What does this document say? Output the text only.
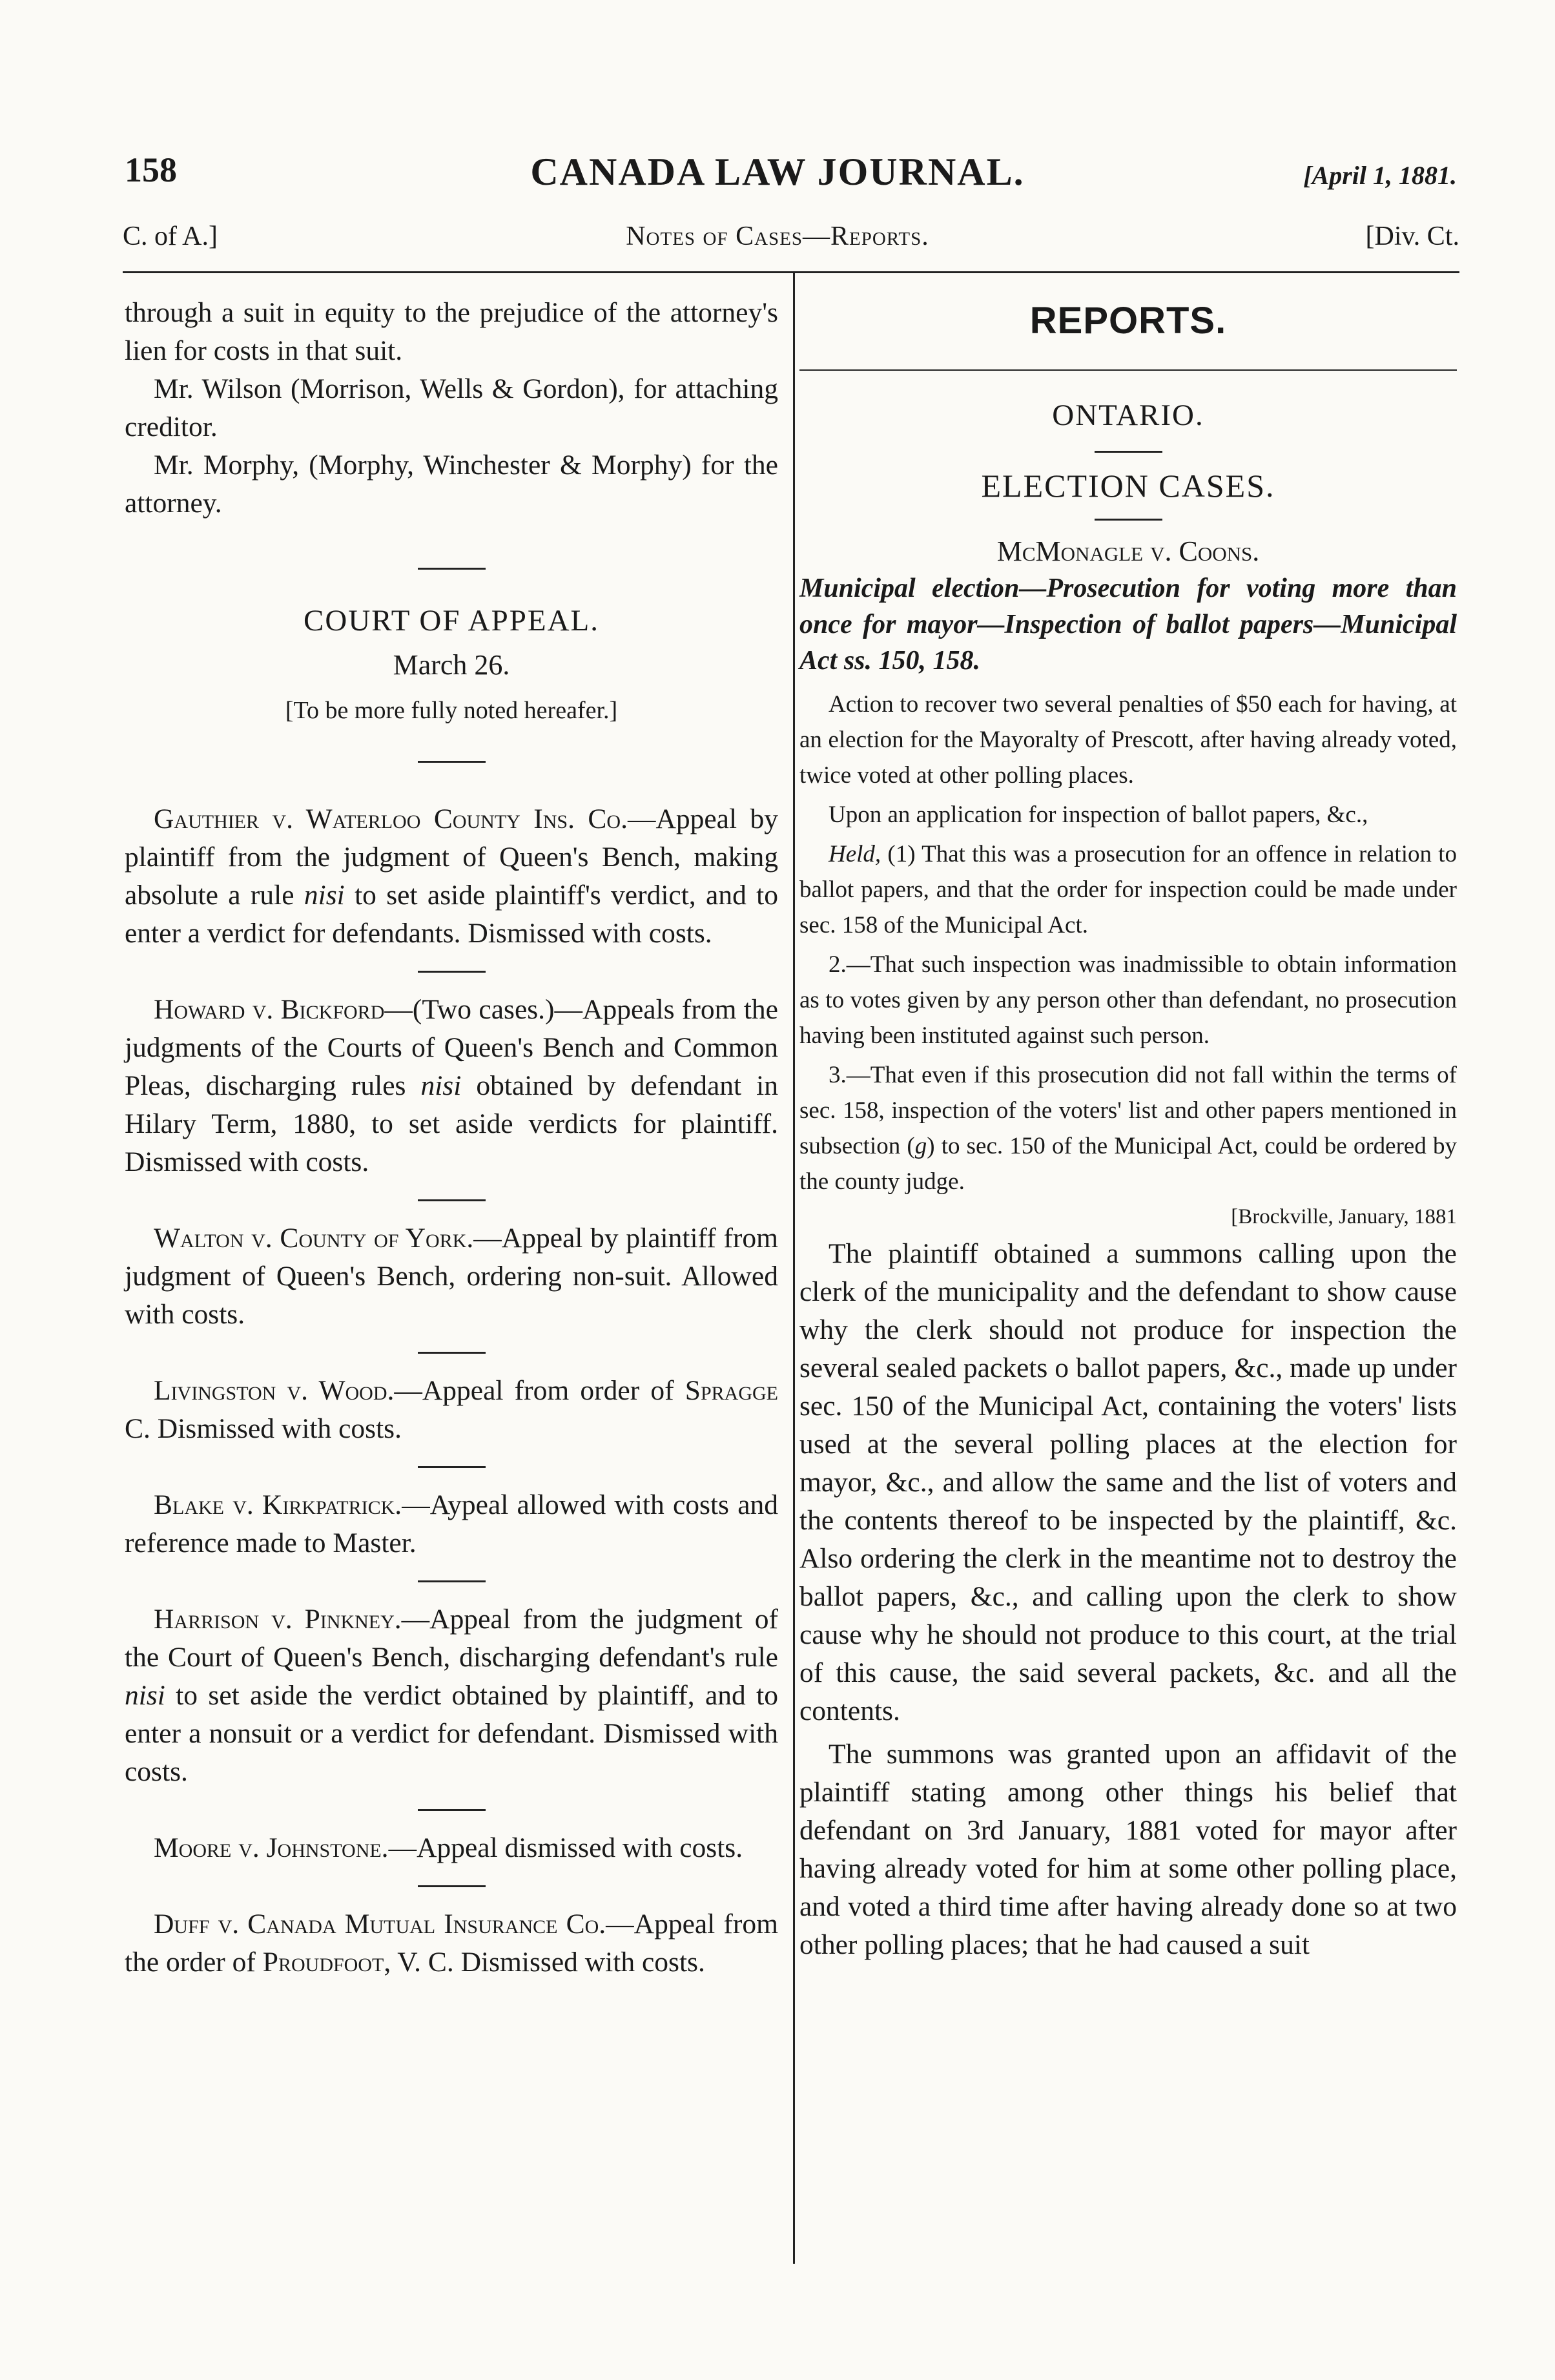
158	CANADA LAW JOURNAL.	[April 1, 1881.
C. of A.]	Notes of Cases—Reports.	[Div. Ct.

through a suit in equity to the prejudice of the attorney's lien for costs in that suit.

Mr. Wilson (Morrison, Wells & Gordon), for attaching creditor.

Mr. Morphy, (Morphy, Winchester & Morphy) for the attorney.

COURT OF APPEAL.

March 26.

[To be more fully noted hereafer.]

Gauthier v. Waterloo County Ins. Co.—Appeal by plaintiff from the judgment of Queen's Bench, making absolute a rule nisi to set aside plaintiff's verdict, and to enter a verdict for defendants. Dismissed with costs.

Howard v. Bickford—(Two cases.)—Appeals from the judgments of the Courts of Queen's Bench and Common Pleas, discharging rules nisi obtained by defendant in Hilary Term, 1880, to set aside verdicts for plaintiff. Dismissed with costs.

Walton v. County of York.—Appeal by plaintiff from judgment of Queen's Bench, ordering non-suit. Allowed with costs.

Livingston v. Wood.—Appeal from order of Spragge C. Dismissed with costs.

Blake v. Kirkpatrick.—Aypeal allowed with costs and reference made to Master.

Harrison v. Pinkney.—Appeal from the judgment of the Court of Queen's Bench, discharging defendant's rule nisi to set aside the verdict obtained by plaintiff, and to enter a nonsuit or a verdict for defendant. Dismissed with costs.

Moore v. Johnstone.—Appeal dismissed with costs.

Duff v. Canada Mutual Insurance Co.—Appeal from the order of Proudfoot, V. C. Dismissed with costs.

REPORTS.

ONTARIO.

ELECTION CASES.

McMonagle v. Coons.

Municipal election—Prosecution for voting more than once for mayor—Inspection of ballot papers—Municipal Act ss. 150, 158.

Action to recover two several penalties of $50 each for having, at an election for the Mayoralty of Prescott, after having already voted, twice voted at other polling places.

Upon an application for inspection of ballot papers, &c.,

Held, (1) That this was a prosecution for an offence in relation to ballot papers, and that the order for inspection could be made under sec. 158 of the Municipal Act.

2.—That such inspection was inadmissible to obtain information as to votes given by any person other than defendant, no prosecution having been instituted against such person.

3.—That even if this prosecution did not fall within the terms of sec. 158, inspection of the voters' list and other papers mentioned in subsection (g) to sec. 150 of the Municipal Act, could be ordered by the county judge.

[Brockville, January, 1881

The plaintiff obtained a summons calling upon the clerk of the municipality and the defendant to show cause why the clerk should not produce for inspection the several sealed packets o ballot papers, &c., made up under sec. 150 of the Municipal Act, containing the voters' lists used at the several polling places at the election for mayor, &c., and allow the same and the list of voters and the contents thereof to be inspected by the plaintiff, &c. Also ordering the clerk in the meantime not to destroy the ballot papers, &c., and calling upon the clerk to show cause why he should not produce to this court, at the trial of this cause, the said several packets, &c. and all the contents.

The summons was granted upon an affidavit of the plaintiff stating among other things his belief that defendant on 3rd January, 1881 voted for mayor after having already voted for him at some other polling place, and voted a third time after having already done so at two other polling places; that he had caused a suit
